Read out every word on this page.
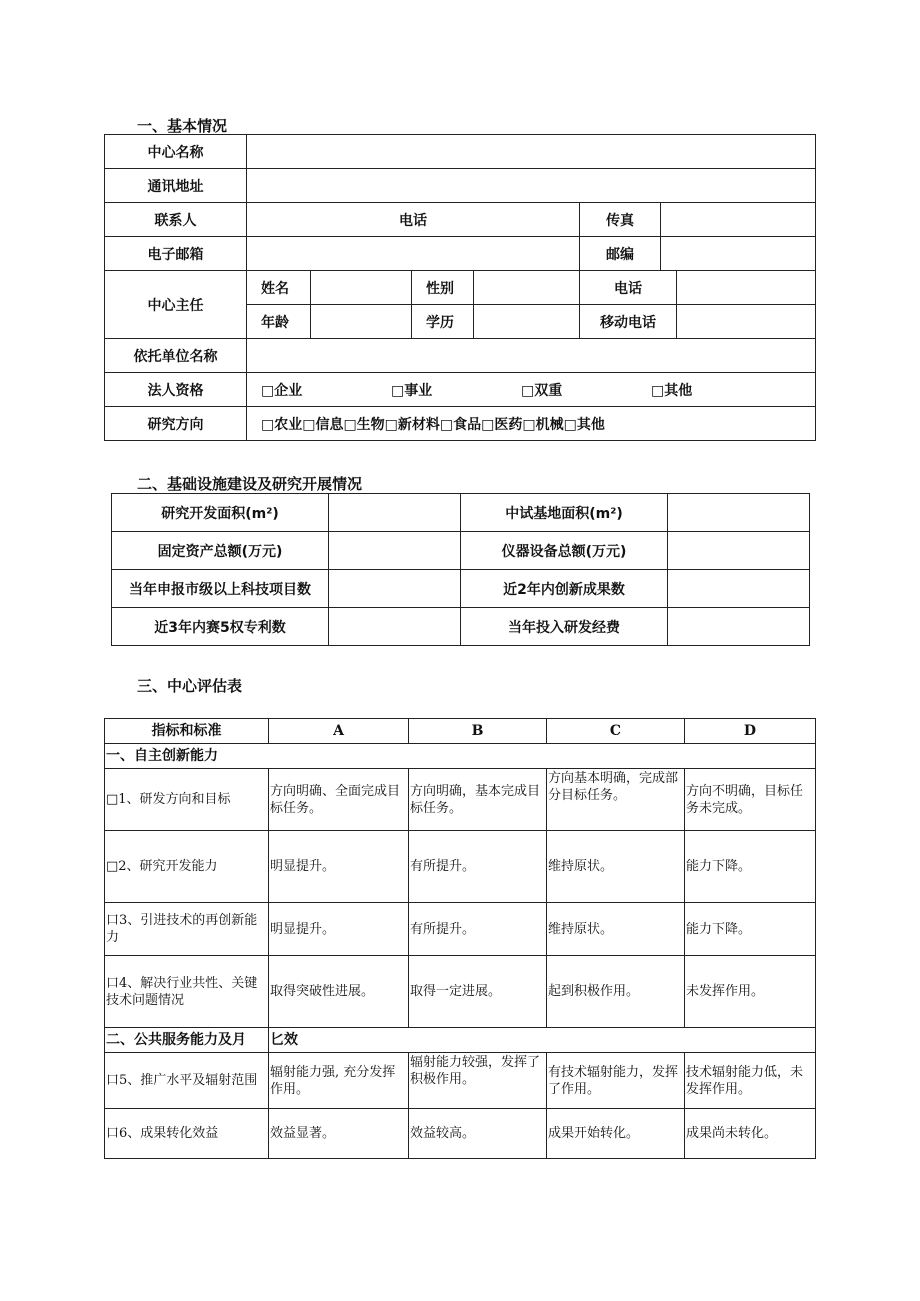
一、基本情况
中心名称							
通讯地址							
联系人	电话				传真		
电子邮箱					邮编		
中心主任	姓名		性别		电话		
	年龄		学历		移动电话		
依托单位名称							
法人资格	□企业 □事业 □双重 □其他						
研究方向	□农业□信息□生物□新材料□食品□医药□机械□其他						
二、基础设施建设及研究开展情况
研究开发面积(m²)		中试基地面积(m²)	
固定资产总额(万元)		仪器设备总额(万元)	
当年申报市级以上科技项目数		近2年内创新成果数	
近3年内赛5权专利数		当年投入研发经费	
三、中心评估表
指标和标准	A	B	C	D
一、自主创新能力				
□1、研发方向和目标	方向明确、全面完成目标任务。	方向明确，基本完成目标任务。	方向基本明确，完成部分目标任务。	方向不明确，目标任务未完成。
□2、研究开发能力	明显提升。	有所提升。	维持原状。	能力下降。
口3、引进技术的再创新能力	明显提升。	有所提升。	维持原状。	能力下降。
口4、解决行业共性、关键技术问题情况	取得突破性进展。	取得一定进展。	起到积极作用。	未发挥作用。
二、公共服务能力及月	匕效			
口5、推广水平及辐射范围	辐射能力强, 充分发挥作用。	辐射能力较强，发挥了积极作用。	有技术辐射能力，发挥了作用。	技术辐射能力低，未发挥作用。
口6、成果转化效益	效益显著。	效益较高。	成果开始转化。	成果尚未转化。
